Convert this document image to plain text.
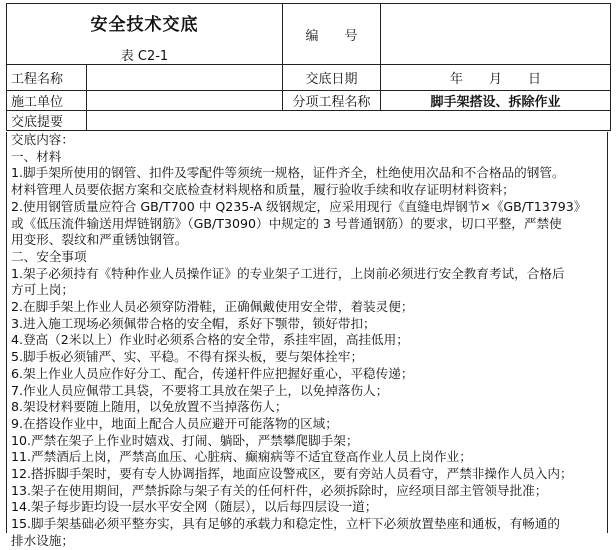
安全技术交底
表 C2-1		编　　号	
工程名称		交底日期	年　　月　　日
施工单位		分项工程名称	脚手架搭设、拆除作业
交底提要			

交底内容：

一、材料

1.脚手架所使用的钢管、扣件及零配件等须统一规格，证件齐全，杜绝使用次品和不合格品的钢管。

材料管理人员要依据方案和交底检查材料规格和质量，履行验收手续和收存证明材料资料；

2.使用钢管质量应符合 GB/T700 中 Q235-A 级钢规定，应采用现行《直缝电焊钢节×《GB/T13793》

或《低压流件输送用焊链钢筋》（GB/T3090）中规定的 3 号普通钢筋）的要求，切口平整，严禁使

用变形、裂纹和严重锈蚀钢管。

二、安全事项

1.架子必须持有《特种作业人员操作证》的专业架子工进行，上岗前必须进行安全教育考试，合格后

方可上岗；

2.在脚手架上作业人员必须穿防滑鞋，正确佩戴使用安全带，着装灵便；

3.进入施工现场必须佩带合格的安全帽，系好下颚带，锁好带扣；

4.登高（2米以上）作业时必须系合格的安全带，系挂牢固，高挂低用；

5.脚手板必须铺严、实、平稳。不得有探头板，要与架体拴牢；

6.架上作业人员应作好分工、配合，传递杆件应把握好重心，平稳传递；

7.作业人员应佩带工具袋，不要将工具放在架子上，以免掉落伤人；

8.架设材料要随上随用，以免放置不当掉落伤人；

9.在搭设作业中，地面上配合人员应避开可能落物的区域；

10.严禁在架子上作业时嬉戏、打闹、躺卧，严禁攀爬脚手架；

11.严禁酒后上岗，严禁高血压、心脏病、癫痫病等不适宜登高作业人员上岗作业；

12.搭拆脚手架时，要有专人协调指挥，地面应设警戒区，要有旁站人员看守，严禁非操作人员入内；

13.架子在使用期间，严禁拆除与架子有关的任何杆件，必须拆除时，应经项目部主管领导批准；

14.架子每步距均设一层水平安全网（随层），以后每四层设一道；

15.脚手架基础必须平整夯实，具有足够的承载力和稳定性，立杆下必须放置垫座和通板，有畅通的

排水设施；
